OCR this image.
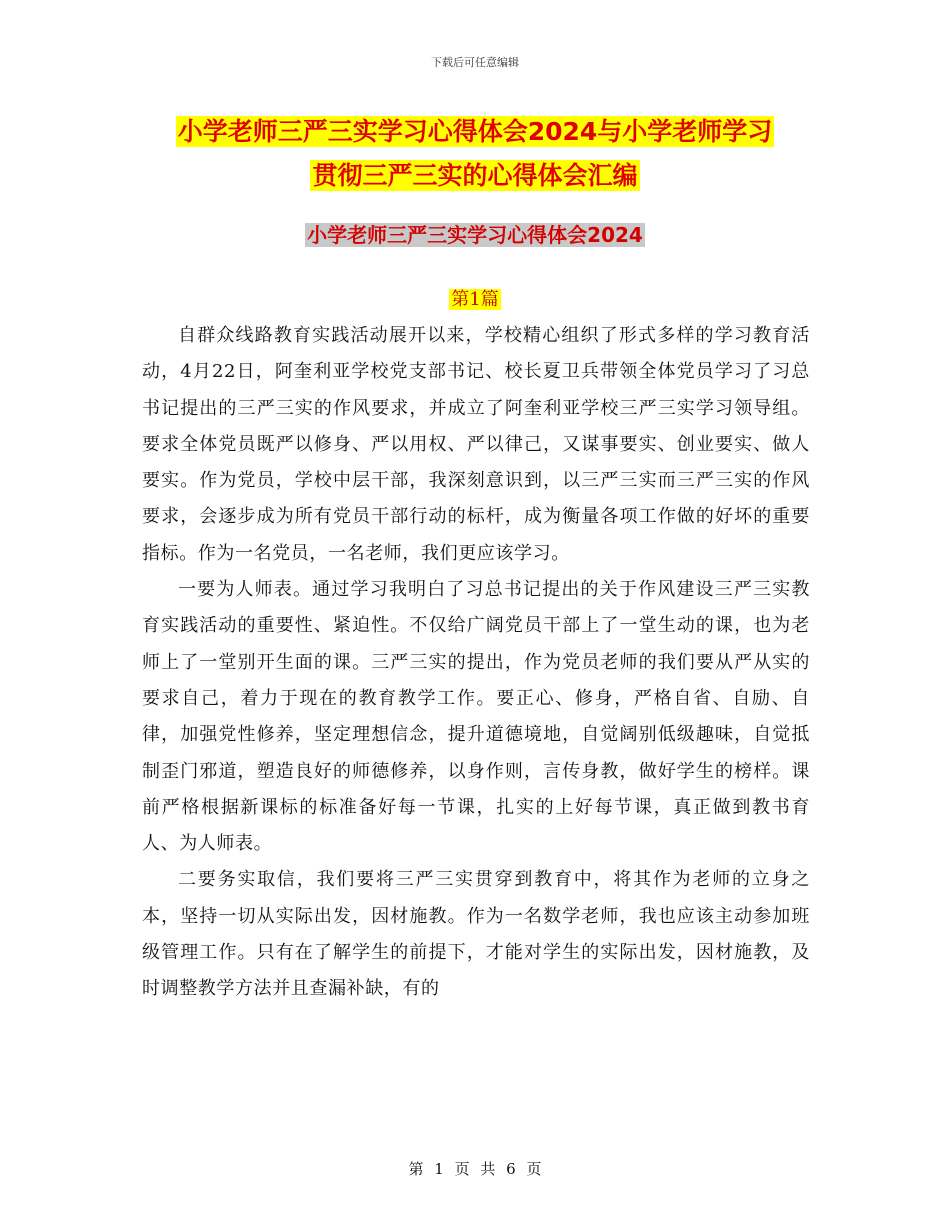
下载后可任意编辑
小学老师三严三实学习心得体会2024与小学老师学习
贯彻三严三实的心得体会汇编
小学老师三严三实学习心得体会2024
第1篇

自群众线路教育实践活动展开以来，学校精心组织了形式多样的学习教育活动，4月22日，阿奎利亚学校党支部书记、校长夏卫兵带领全体党员学习了习总书记提出的三严三实的作风要求，并成立了阿奎利亚学校三严三实学习领导组。要求全体党员既严以修身、严以用权、严以律己，又谋事要实、创业要实、做人要实。作为党员，学校中层干部，我深刻意识到，以三严三实而三严三实的作风要求，会逐步成为所有党员干部行动的标杆，成为衡量各项工作做的好坏的重要指标。作为一名党员，一名老师，我们更应该学习。

一要为人师表。通过学习我明白了习总书记提出的关于作风建设三严三实教育实践活动的重要性、紧迫性。不仅给广阔党员干部上了一堂生动的课，也为老师上了一堂别开生面的课。三严三实的提出，作为党员老师的我们要从严从实的要求自己，着力于现在的教育教学工作。要正心、修身，严格自省、自励、自律，加强党性修养，坚定理想信念，提升道德境地，自觉阔别低级趣味，自觉抵制歪门邪道，塑造良好的师德修养，以身作则，言传身教，做好学生的榜样。课前严格根据新课标的标准备好每一节课，扎实的上好每节课，真正做到教书育人、为人师表。

二要务实取信，我们要将三严三实贯穿到教育中，将其作为老师的立身之本，坚持一切从实际出发，因材施教。作为一名数学老师，我也应该主动参加班级管理工作。只有在了解学生的前提下，才能对学生的实际出发，因材施教，及时调整教学方法并且查漏补缺，有的

第 1 页 共 6 页
